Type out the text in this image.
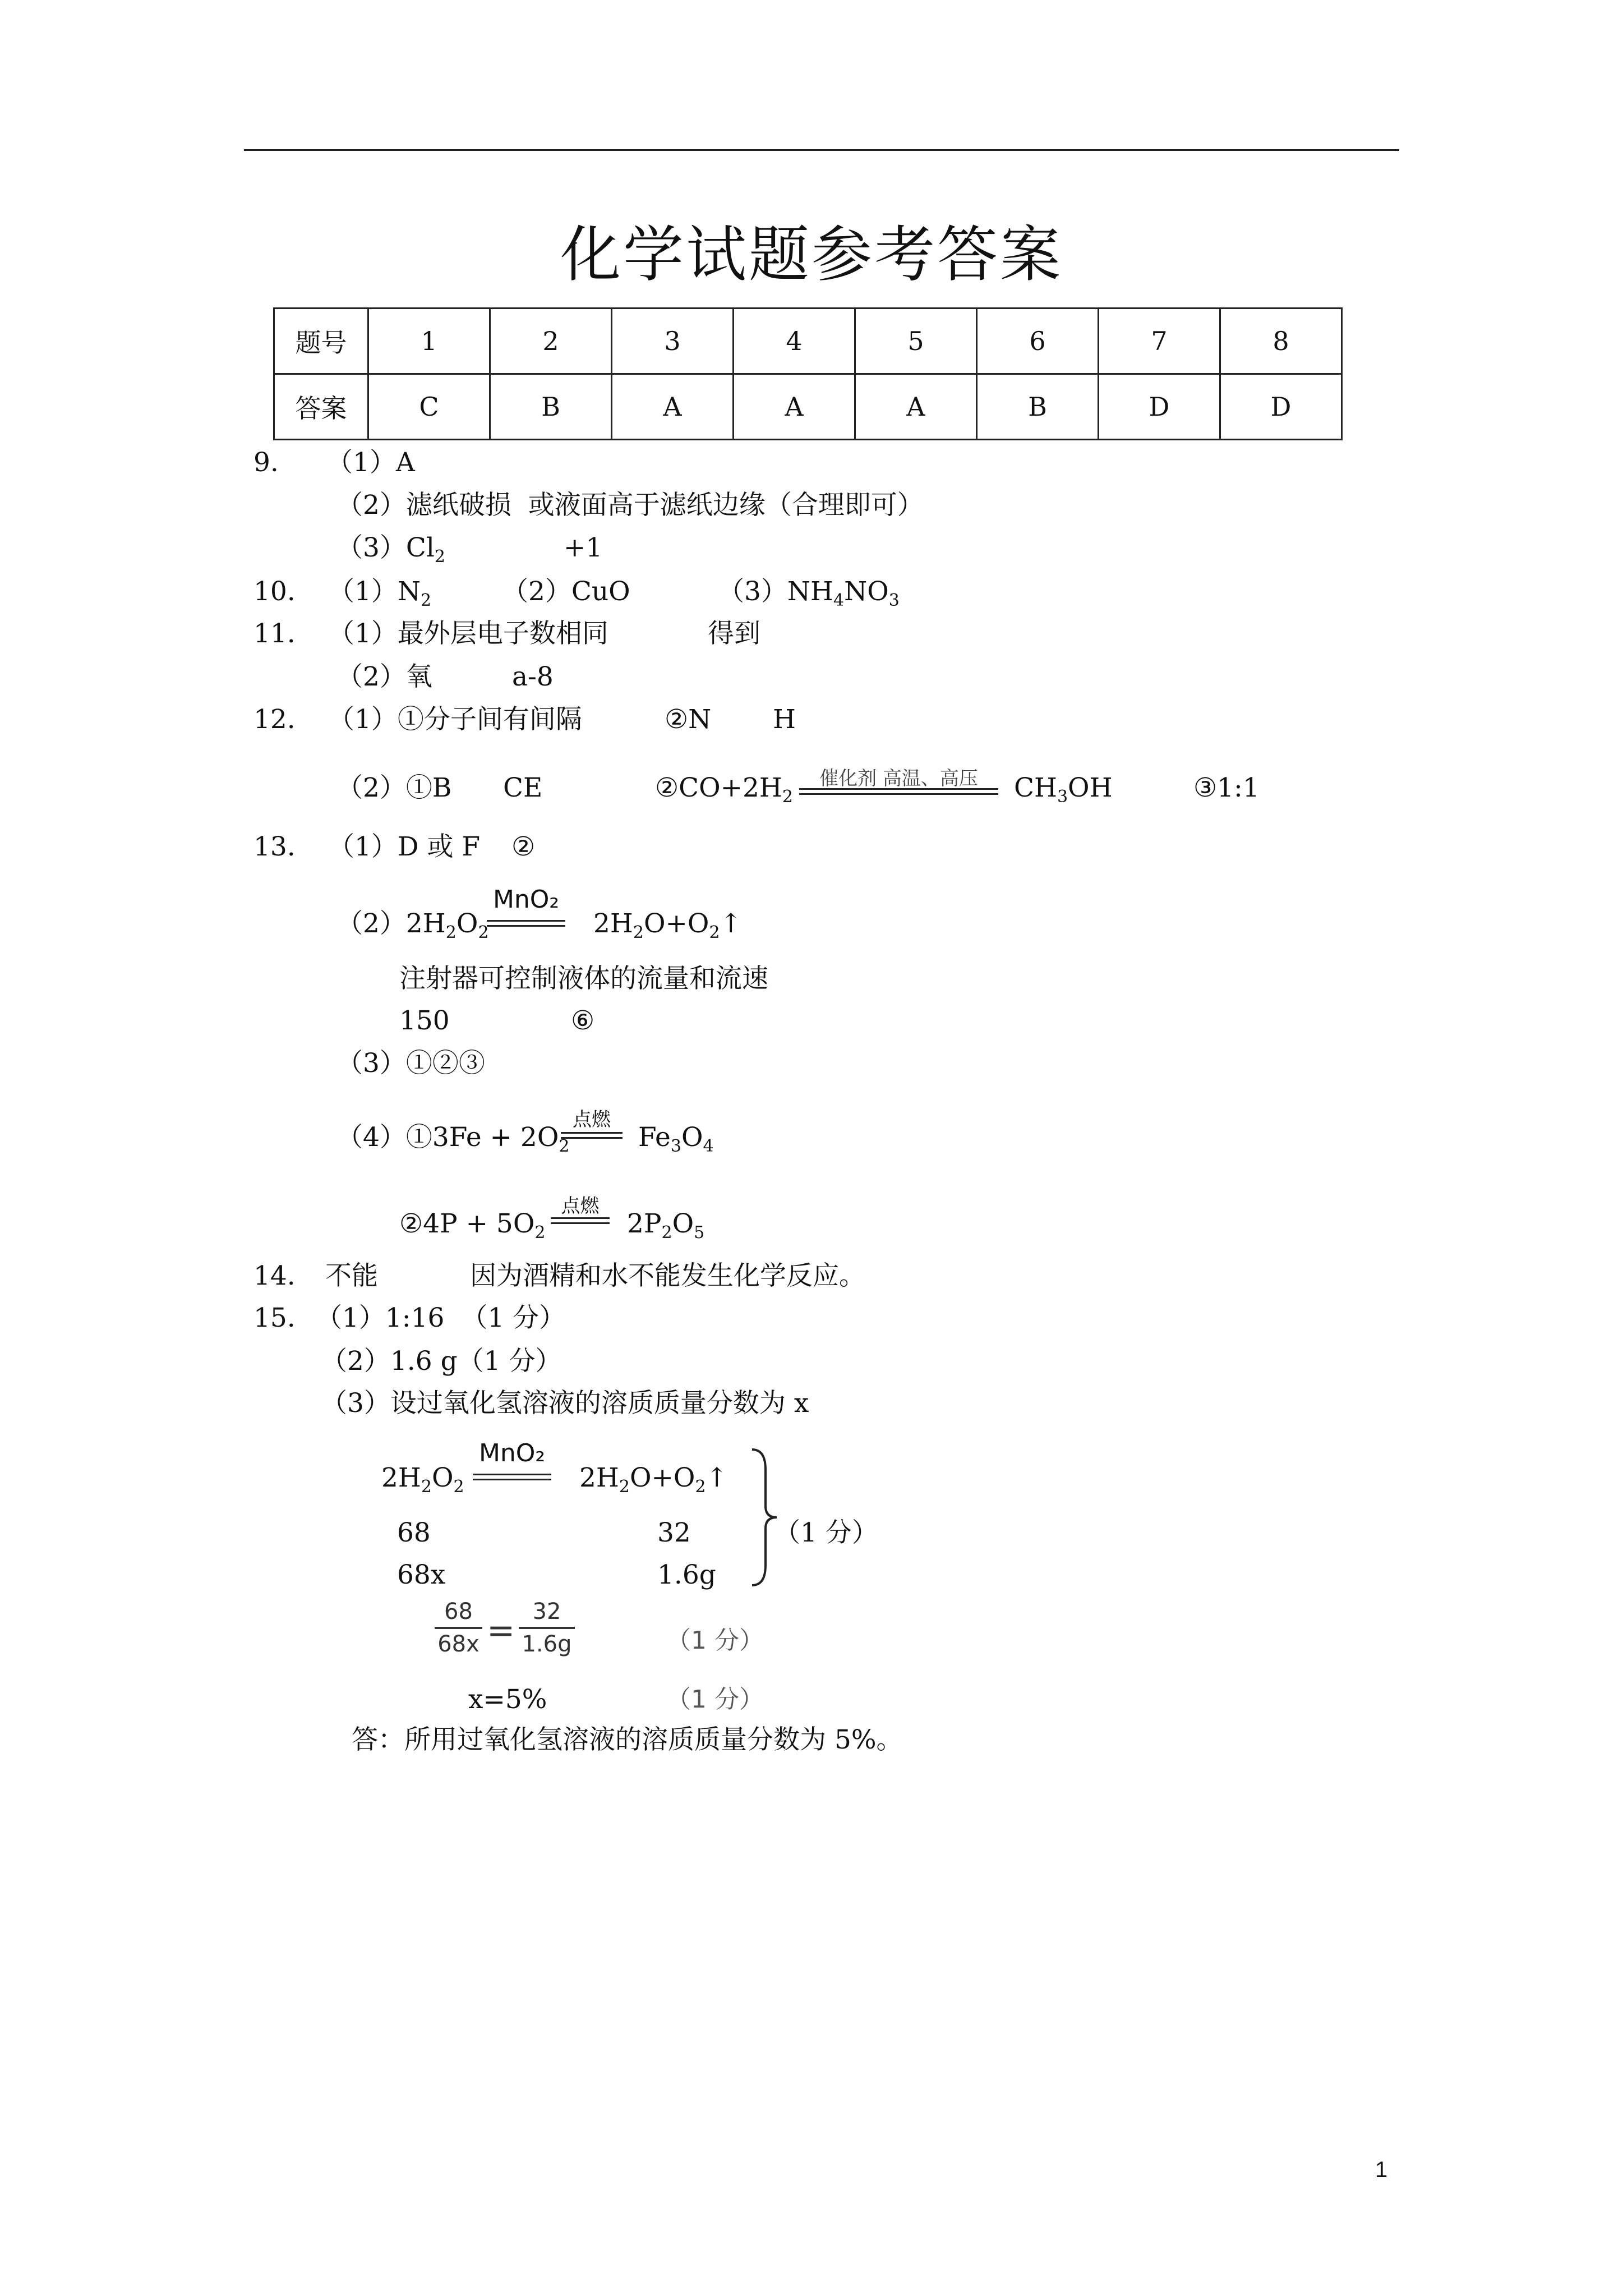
化学试题参考答案
题号	1	2	3	4	5	6	7	8
答案	C	B	A	A	A	B	D	D
9. （1）A
（2）滤纸破损  或液面高于滤纸边缘（合理即可）
$(3)Cl_2$	+1
10. $(1)N_2$	（2）CuO	$(3)NH_4NO_3$
11. （1）最外层电子数相同	得到
（2）氧	a-8
12. （1）①分子间有间隔	②N H
（2）①B CE	$②CO+2H_2$
催化剂 高温、高压	$CH_3OH$	③1:1
13. （1）D 或 F ②
$(2)2H_2O_2$
MnO₂
$2H_2O+O_2↑$
注射器可控制液体的流量和流速
150	⑥
（3）①②③
（4）①3Fe + $2O_2$
点燃
$Fe_3O_4$
②4P + $5O_2$
点燃
$2P_2O_5$
14. 不能	因为酒精和水不能发生化学反应。
15. （1）1:16  （1 分）
（2）1.6 g（1 分）
（3）设过氧化氢溶液的溶质质量分数为 x
$2H_2O_2$
MnO₂
$2H_2O+O_2↑$
68	32
68x	1.6g
（1 分）
68
68x = 32
1.6g	（1 分）
x=5%	（1 分）
答：所用过氧化氢溶液的溶质质量分数为 5%。
1
